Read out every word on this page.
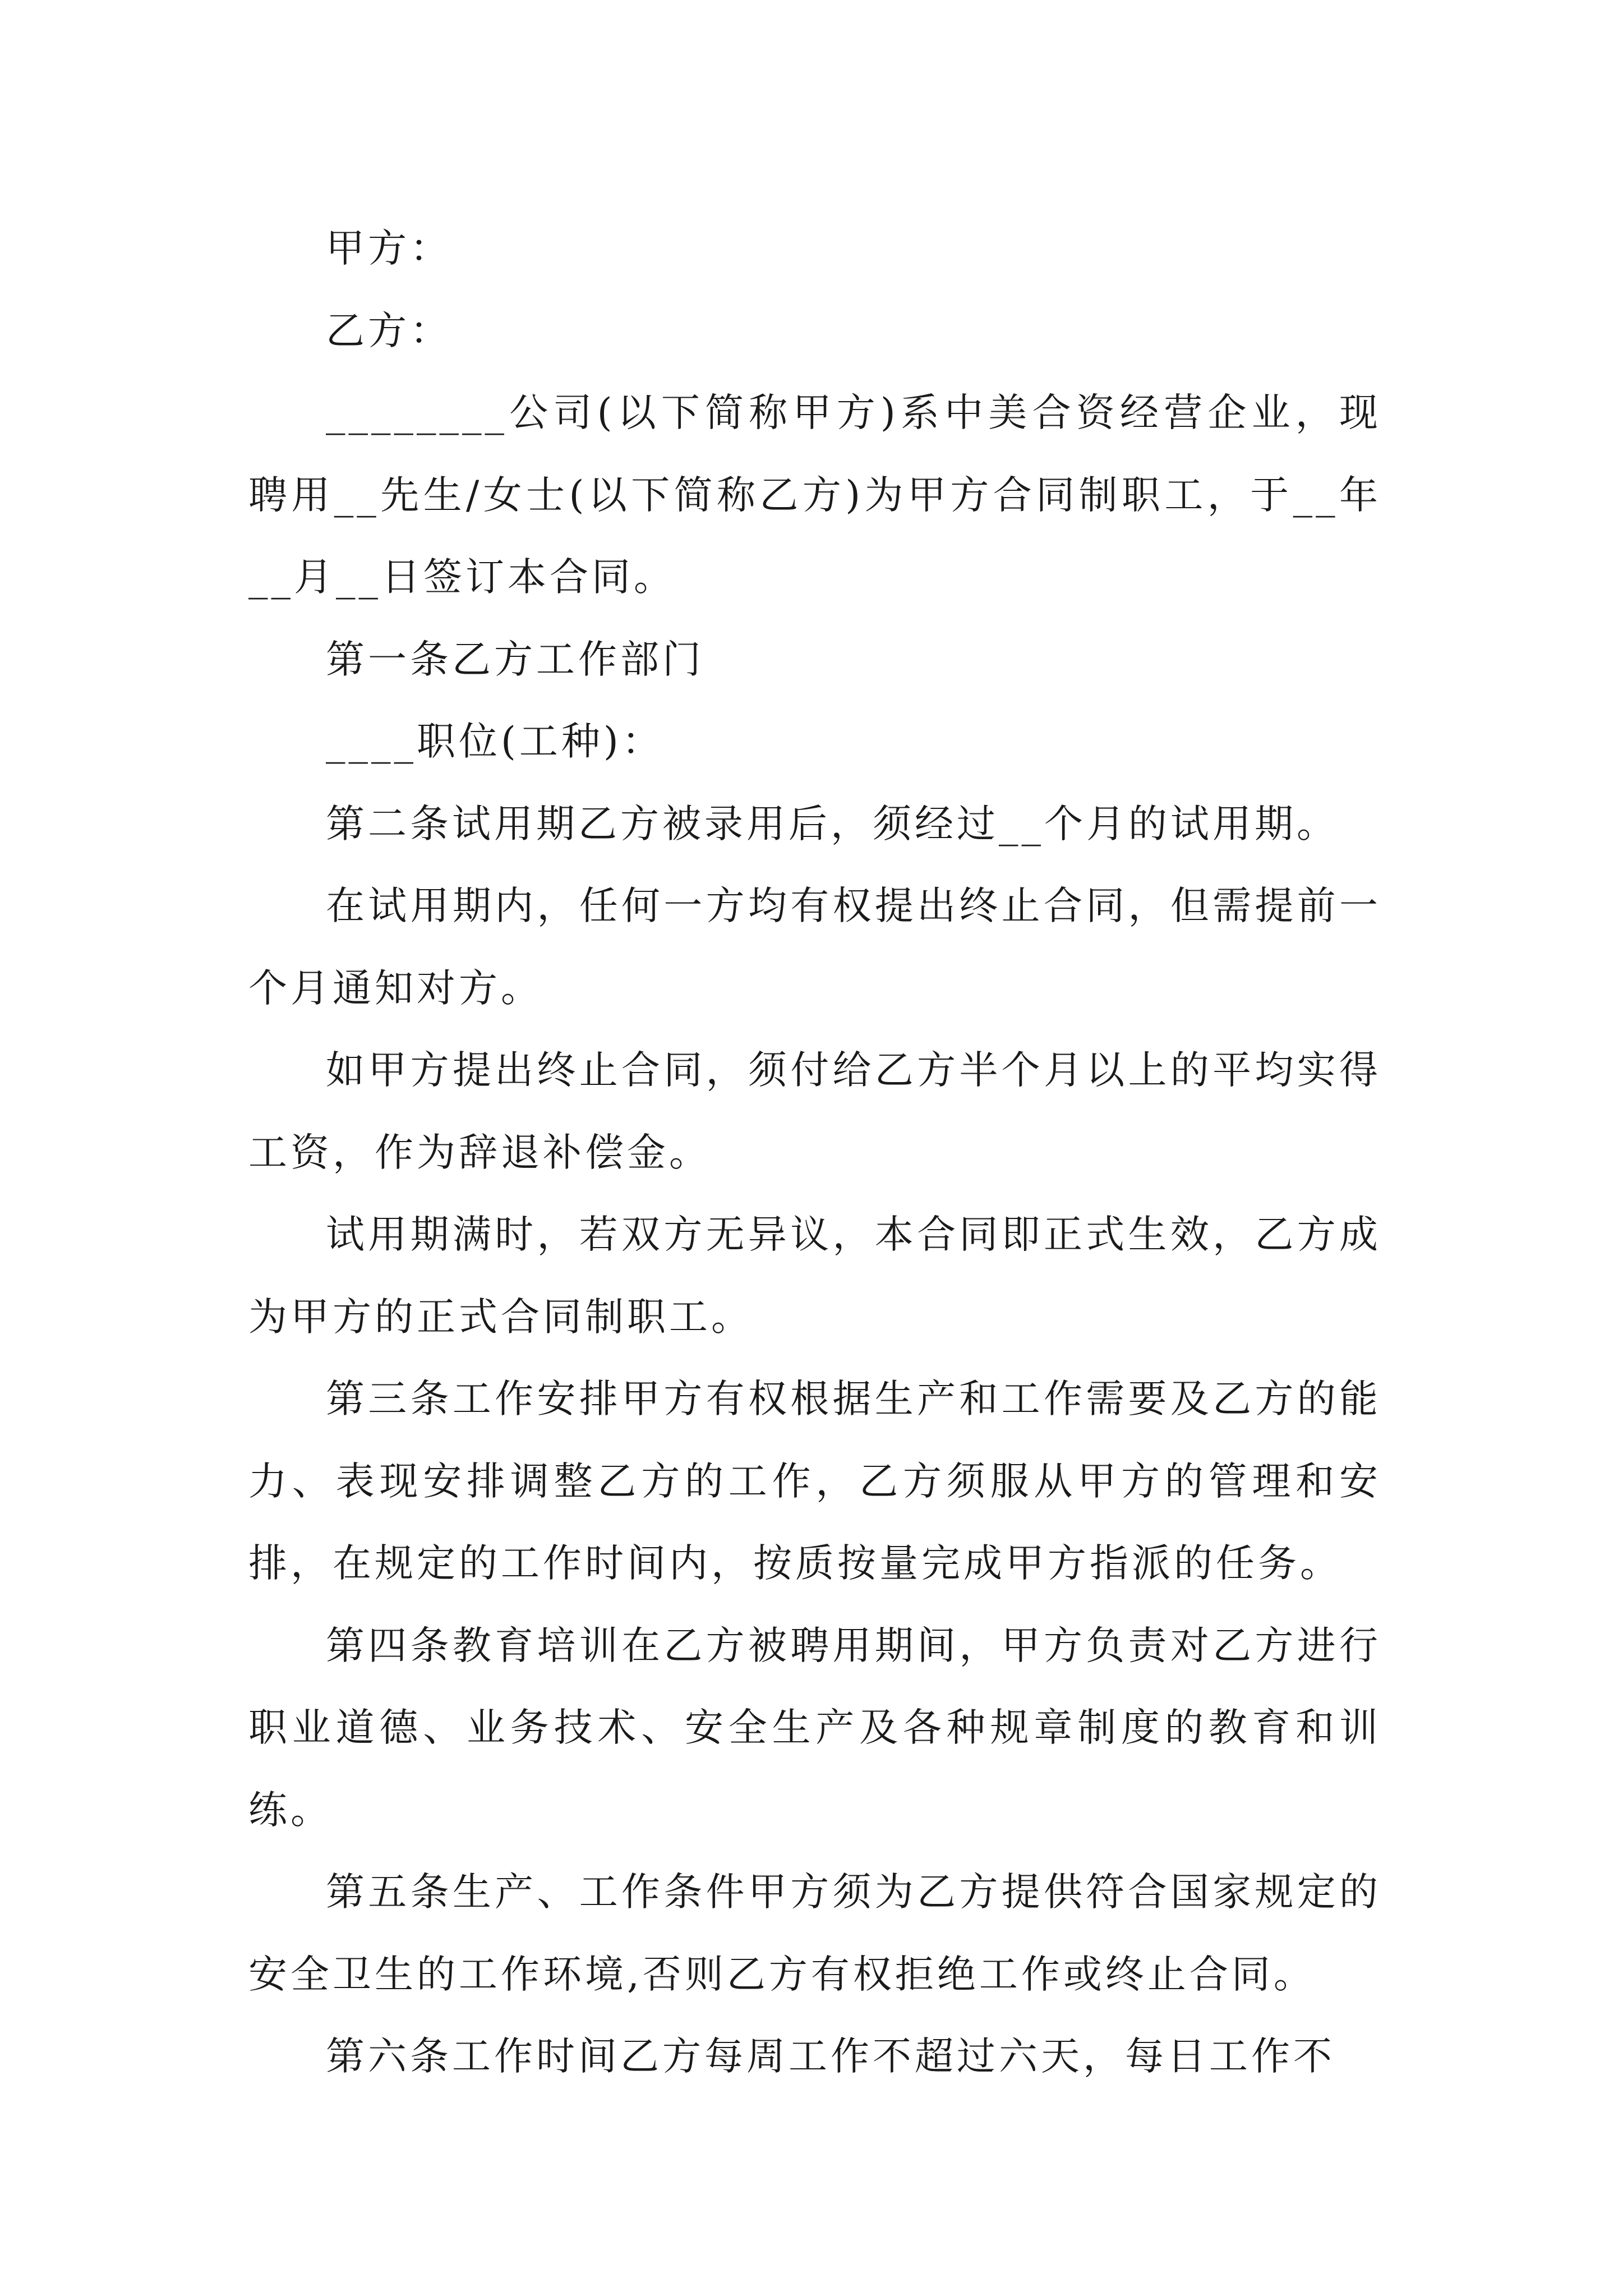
甲方：

乙方：

________公司(以下简称甲方)系中美合资经营企业，现聘用__先生/女士(以下简称乙方)为甲方合同制职工，于__年__月__日签订本合同。

第一条乙方工作部门

____职位(工种)：

第二条试用期乙方被录用后，须经过__个月的试用期。

在试用期内，任何一方均有权提出终止合同，但需提前一个月通知对方。

如甲方提出终止合同，须付给乙方半个月以上的平均实得工资，作为辞退补偿金。

试用期满时，若双方无异议，本合同即正式生效，乙方成为甲方的正式合同制职工。

第三条工作安排甲方有权根据生产和工作需要及乙方的能力、表现安排调整乙方的工作，乙方须服从甲方的管理和安排，在规定的工作时间内，按质按量完成甲方指派的任务。

第四条教育培训在乙方被聘用期间，甲方负责对乙方进行职业道德、业务技术、安全生产及各种规章制度的教育和训练。

第五条生产、工作条件甲方须为乙方提供符合国家规定的安全卫生的工作环境,否则乙方有权拒绝工作或终止合同。

第六条工作时间乙方每周工作不超过六天，每日工作不
